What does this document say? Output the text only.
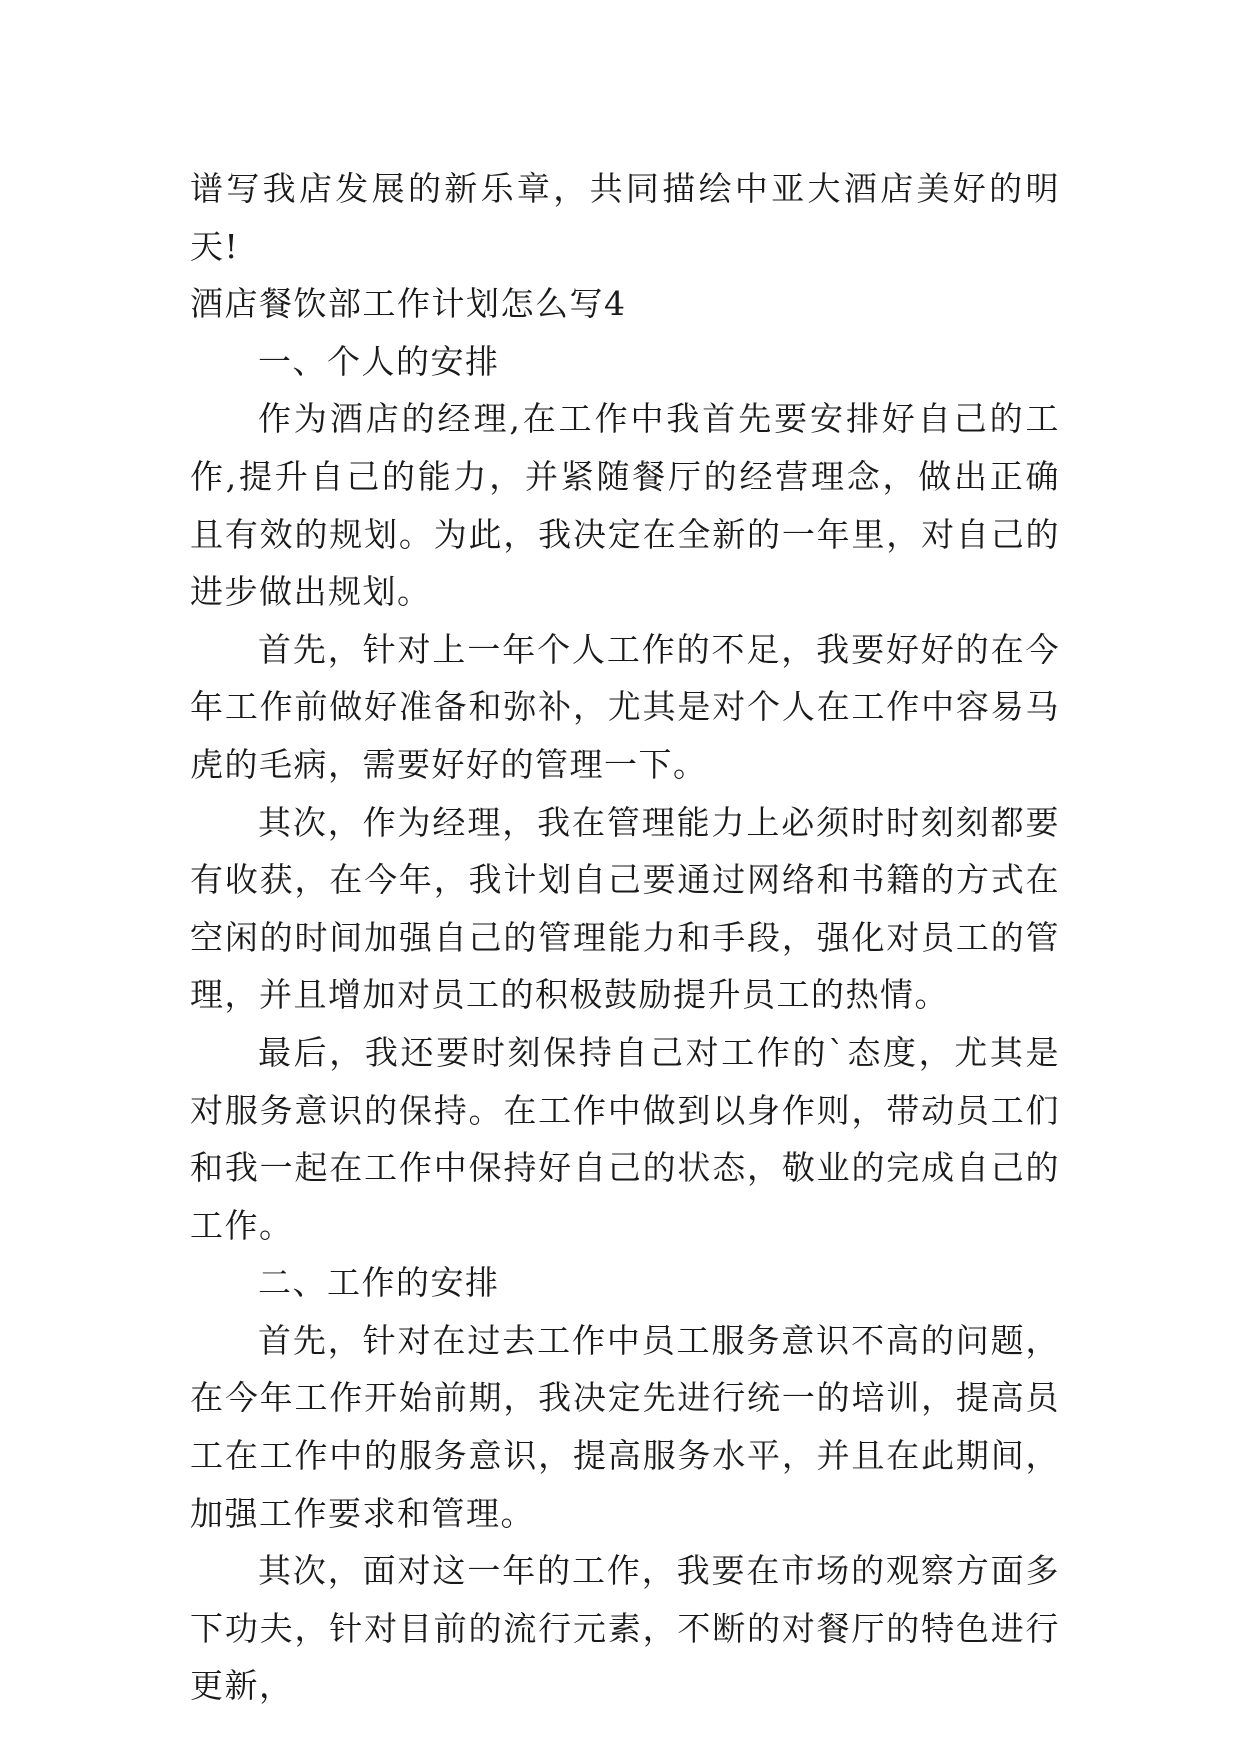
谱写我店发展的新乐章，共同描绘中亚大酒店美好的明天!

酒店餐饮部工作计划怎么写4

一、个人的安排

作为酒店的经理,在工作中我首先要安排好自己的工作,提升自己的能力，并紧随餐厅的经营理念，做出正确且有效的规划。为此，我决定在全新的一年里，对自己的进步做出规划。

首先，针对上一年个人工作的不足，我要好好的在今年工作前做好准备和弥补，尤其是对个人在工作中容易马虎的毛病，需要好好的管理一下。

其次，作为经理，我在管理能力上必须时时刻刻都要有收获，在今年，我计划自己要通过网络和书籍的方式在空闲的时间加强自己的管理能力和手段，强化对员工的管理，并且增加对员工的积极鼓励提升员工的热情。

最后，我还要时刻保持自己对工作的`态度，尤其是对服务意识的保持。在工作中做到以身作则，带动员工们和我一起在工作中保持好自己的状态，敬业的完成自己的工作。

二、工作的安排

首先，针对在过去工作中员工服务意识不高的问题，在今年工作开始前期，我决定先进行统一的培训，提高员工在工作中的服务意识，提高服务水平，并且在此期间，加强工作要求和管理。

其次，面对这一年的工作，我要在市场的观察方面多下功夫，针对目前的流行元素，不断的对餐厅的特色进行更新，
